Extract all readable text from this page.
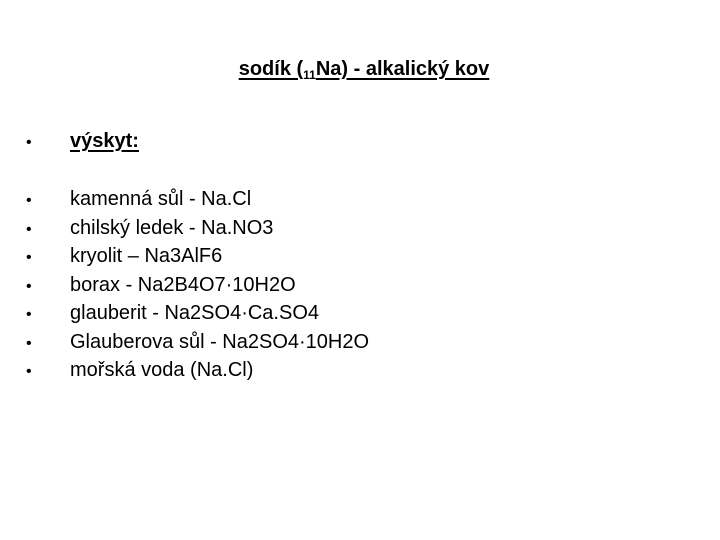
sodík $(_{11}Na)$ - alkalický kov
•	výskyt:
•	kamenná sůl - Na.Cl
•	chilský ledek - Na.NO3
•	kryolit – Na3AlF6
•	borax - Na2B4O7·10H2O
•	glauberit - Na2SO4·Ca.SO4
•	Glauberova sůl - Na2SO4·10H2O
•	mořská voda (Na.Cl)
